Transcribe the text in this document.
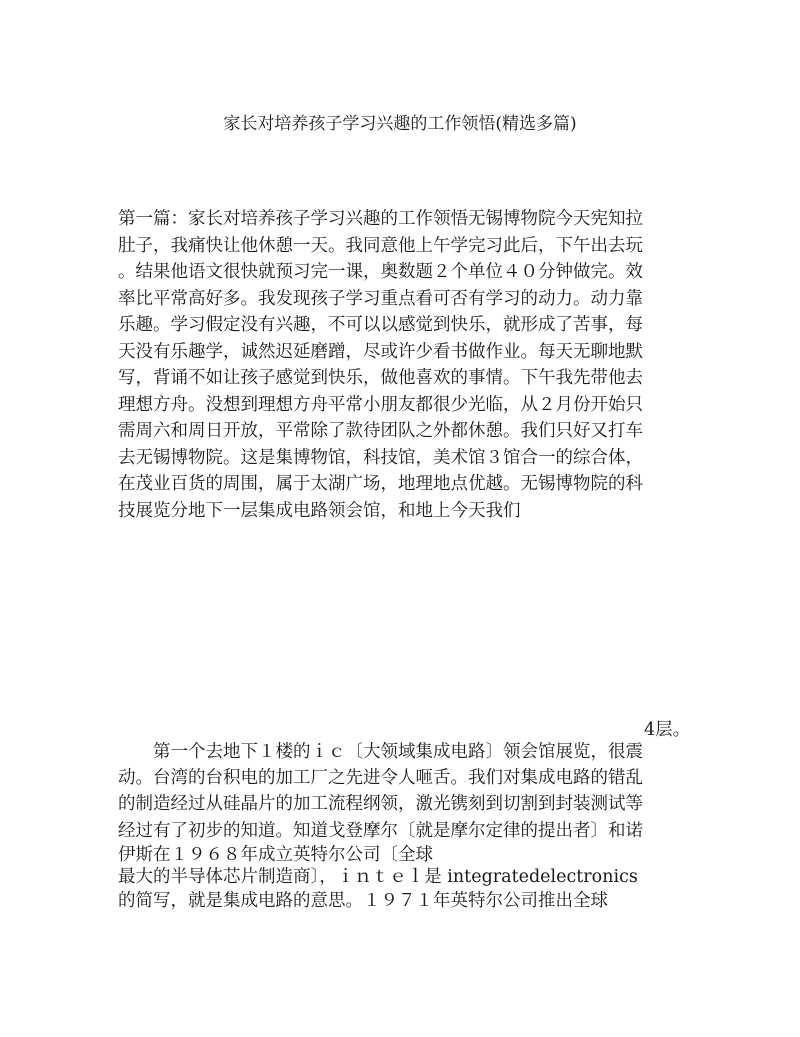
家长对培养孩子学习兴趣的工作领悟(精选多篇)
第一篇：家长对培养孩子学习兴趣的工作领悟无锡博物院今天宪知拉
肚子，我痛快让他休憩一天。我同意他上午学完习此后，下午出去玩
。结果他语文很快就预习完一课，奥数题２个单位４０分钟做完。效
率比平常高好多。我发现孩子学习重点看可否有学习的动力。动力靠
乐趣。学习假定没有兴趣，不可以以感觉到快乐，就形成了苦事，每
天没有乐趣学，诚然迟延磨蹭，尽或许少看书做作业。每天无聊地默
写，背诵不如让孩子感觉到快乐，做他喜欢的事情。下午我先带他去
理想方舟。没想到理想方舟平常小朋友都很少光临，从２月份开始只
需周六和周日开放，平常除了款待团队之外都休憩。我们只好又打车
去无锡博物院。这是集博物馆，科技馆，美术馆３馆合一的综合体，
在茂业百货的周围，属于太湖广场，地理地点优越。无锡博物院的科
技展览分地下一层集成电路领会馆，和地上今天我们
4层。
　　第一个去地下１楼的ｉｃ〔大领域集成电路〕领会馆展览，很震
动。台湾的台积电的加工厂之先进令人咂舌。我们对集成电路的错乱
的制造经过从硅晶片的加工流程纲领，激光镌刻到切割到封装测试等
经过有了初步的知道。知道戈登摩尔〔就是摩尔定律的提出者〕和诺
伊斯在１９６８年成立英特尔公司〔全球
最大的半导体芯片制造商〕，ｉｎｔｅｌ是 integratedelectronics
的简写，就是集成电路的意思。１９７１年英特尔公司推出全球
